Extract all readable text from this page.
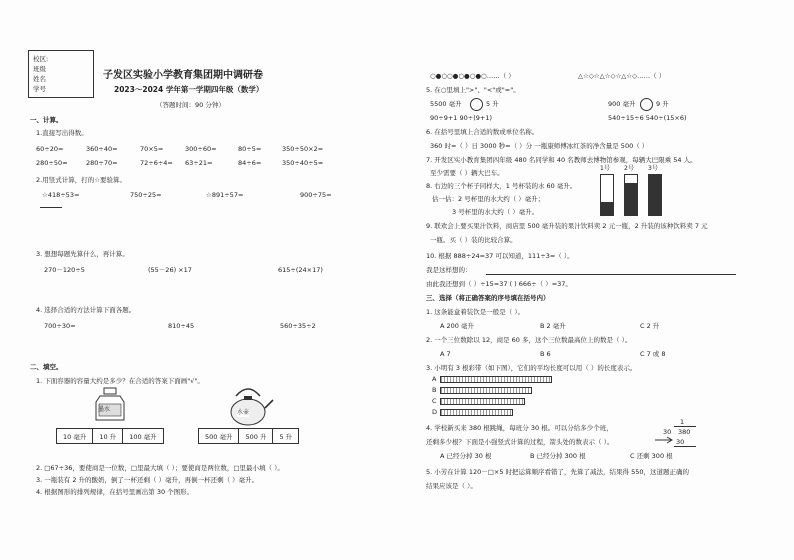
校区:
班级
姓名
学号
子发区实验小学教育集团期中调研卷
2023～2024 学年第一学期四年级（数学）
（答题时间：90 分钟）
一、计算。
1.直接写出得数。
60÷20=	360÷40=	70×5=	300÷60=	80÷5=	350÷50×2=
280÷50≈	280÷70=	72÷6÷4= 63÷21=	84÷6=	350÷40÷5≈
2.用竖式计算，打的☆要验算。
☆418÷53=	750÷25=	☆891÷57=	900÷75=
3. 想想每题先算什么，再计算。
270－120÷5	(55－26) ×17	615÷(24×17)
4. 选择合适的方法计算下面各题。
700÷30=	810÷45	560÷35÷2
二、填空。
1. 下面容器的容量大约是多少？在合适的答案下面画"√"。
墨水	水壶
10 毫升	10 升	100 毫升	500 毫升	500 升	5 升
2. □67÷36，要使商是一位数，□里最大填（ ）；要使商是两位数，□里最小填（ ）。
3. 一瓶装有 2 升的酸奶，倒了一杯还剩（ ）毫升，再倒一杯还剩（ ）毫升。
4. 根据图形的排列规律，在括号里画出第 30 个图形。
○●○○●○●○●○……（ ）	△☆◇☆△☆◇☆△☆◇……（ ）
5. 在○里填上">"、"<"或"="。
5500 毫升	5 升	900 毫升	9 升
90÷9+1 90÷(9+1)	540÷15÷6 540÷(15×6)
6. 在括号里填上合适的数或单位名称。
360 时=（ ）日 3000 秒=（ ）分 一瓶康师傅冰红茶的净含量是 500（ ）
7. 开发区实小教育集团四年级 480 名同学和 40 名教师去博物馆参观，每辆大巴限乘 54 人。
至少需要（ ）辆大巴车。
8. 右边的三个杯子同样大，1 号杯装的水 60 毫升。
估一估：2 号杯里的水大约（ ）毫升；
3 号杯里的水大约（ ）毫升。
1号 2号 3号
9. 联欢会上要买果汁饮料，商店里 500 毫升装的果汁饮料卖 2 元一瓶，2 升装的该种饮料卖 7 元
一瓶。买（ ）装的比较合算。
10. 根据 888÷24=37 可以知道，111÷3=（ ）。
我是这样想的：
由此我还想到（ ）÷15=37 ( ) 666÷（ ）=37。
三、选择（将正确答案的序号填在括号内）
1. 这条能盒着装饮是一般是（ ）。
A 200 毫升	B 2 毫升	C 2 升
2. 一个三位数除以 12，商是 60 多，这个三位数最高位上的数是（ ）。
A 7	B 6	C 7 或 8
3. 小明有 3 根彩带（如下图），它们的平均长度可以用（ ）的长度表示。
A
B
C
D
4. 学校新买来 380 根跳绳，每班分 30 根。可以分给多少个班，
还剩多少根？下面是小强竖式计算的过程，箭头处的数表示（ ）。
A 已经分掉 30 根	B 已经分掉 300 根	C 还剩 300 根
1
30 380
30
5. 小芳在计算 120－□×5 时把运算顺序看错了，先算了减法，结果得 550，这道题正确的
结果应该是（ ）。
